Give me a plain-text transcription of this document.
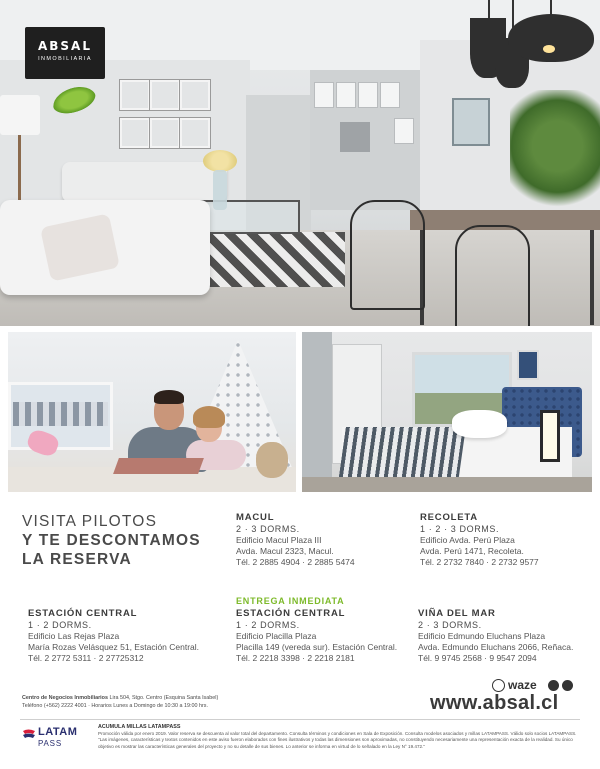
ABSAL
INMOBILIARIA
VISITA PILOTOS
Y TE DESCONTAMOS
LA RESERVA
MACUL
2 · 3 DORMS.
Edificio Macul Plaza III
Avda. Macul 2323, Macul.
Tél. 2 2885 4904 · 2 2885 5474
RECOLETA
1 · 2 · 3 DORMS.
Edificio Avda. Perú Plaza
Avda. Perú 1471, Recoleta.
Tél. 2 2732 7840 · 2 2732 9577
ESTACIÓN CENTRAL
1 · 2 DORMS.
Edificio Las Rejas Plaza
María Rozas Velásquez 51, Estación Central.
Tél. 2 2772 5311 · 2 27725312
ENTREGA INMEDIATA
ESTACIÓN CENTRAL
1 · 2 DORMS.
Edificio Placilla Plaza
Placilla 149 (vereda sur). Estación Central.
Tél. 2 2218 3398 · 2 2218 2181
VIÑA DEL MAR
2 · 3 DORMS.
Edificio Edmundo Eluchans Plaza
Avda. Edmundo Eluchans 2066, Reñaca.
Tél. 9 9745 2568 · 9 9547 2094
Centro de Negocios Inmobiliarios Lira 504, Stgo. Centro (Esquina Santa Isabel)
Teléfono (+562) 2222 4001 · Horarios Lunes a Domingo de 10:30 a 19:00 hrs.
waze
www.absal.cl
LATAM
PASS
ACUMULA MILLAS LATAMPASS
Promoción válida por enero 2019. Valor reserva se descuenta al valor total del departamento. Consulta términos y condiciones en Sala de Exposición. Consulta modelos asociados y millas LATAMPASS. Válido solo socios LATAMPASS. "Las imágenes, características y textos contenidos en este aviso fueron elaborados con fines ilustrativos y todas las dimensiones son aproximadas, no constituyendo necesariamente una representación exacta de la realidad. Su único objetivo es mostrar las características generales del proyecto y no su detalle de sus bienes. Lo anterior se informa en virtud de lo señalado en la Ley N° 19.472."
